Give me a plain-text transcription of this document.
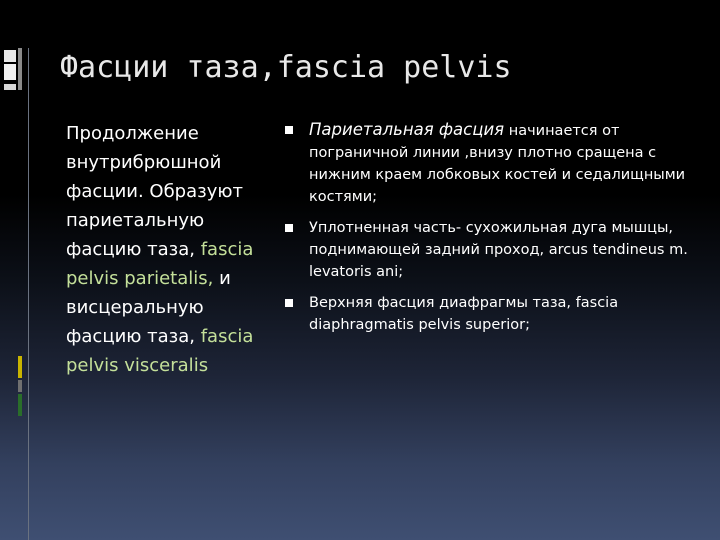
Фасции таза,fascia pelvis
Продолжение внутрибрюшной фасции. Образуют париетальную фасцию таза, fascia pelvis parietalis, и висцеральную фасцию таза, fascia pelvis visceralis
Париетальная фасция начинается от пограничной линии ,внизу плотно сращена с нижним краем лобковых костей и седалищными костями;
Уплотненная часть- сухожильная дуга мышцы, поднимающей задний проход, arcus tendineus m. levatoris ani;
Верхняя фасция диафрагмы таза, fascia diaphragmatis pelvis superior;
